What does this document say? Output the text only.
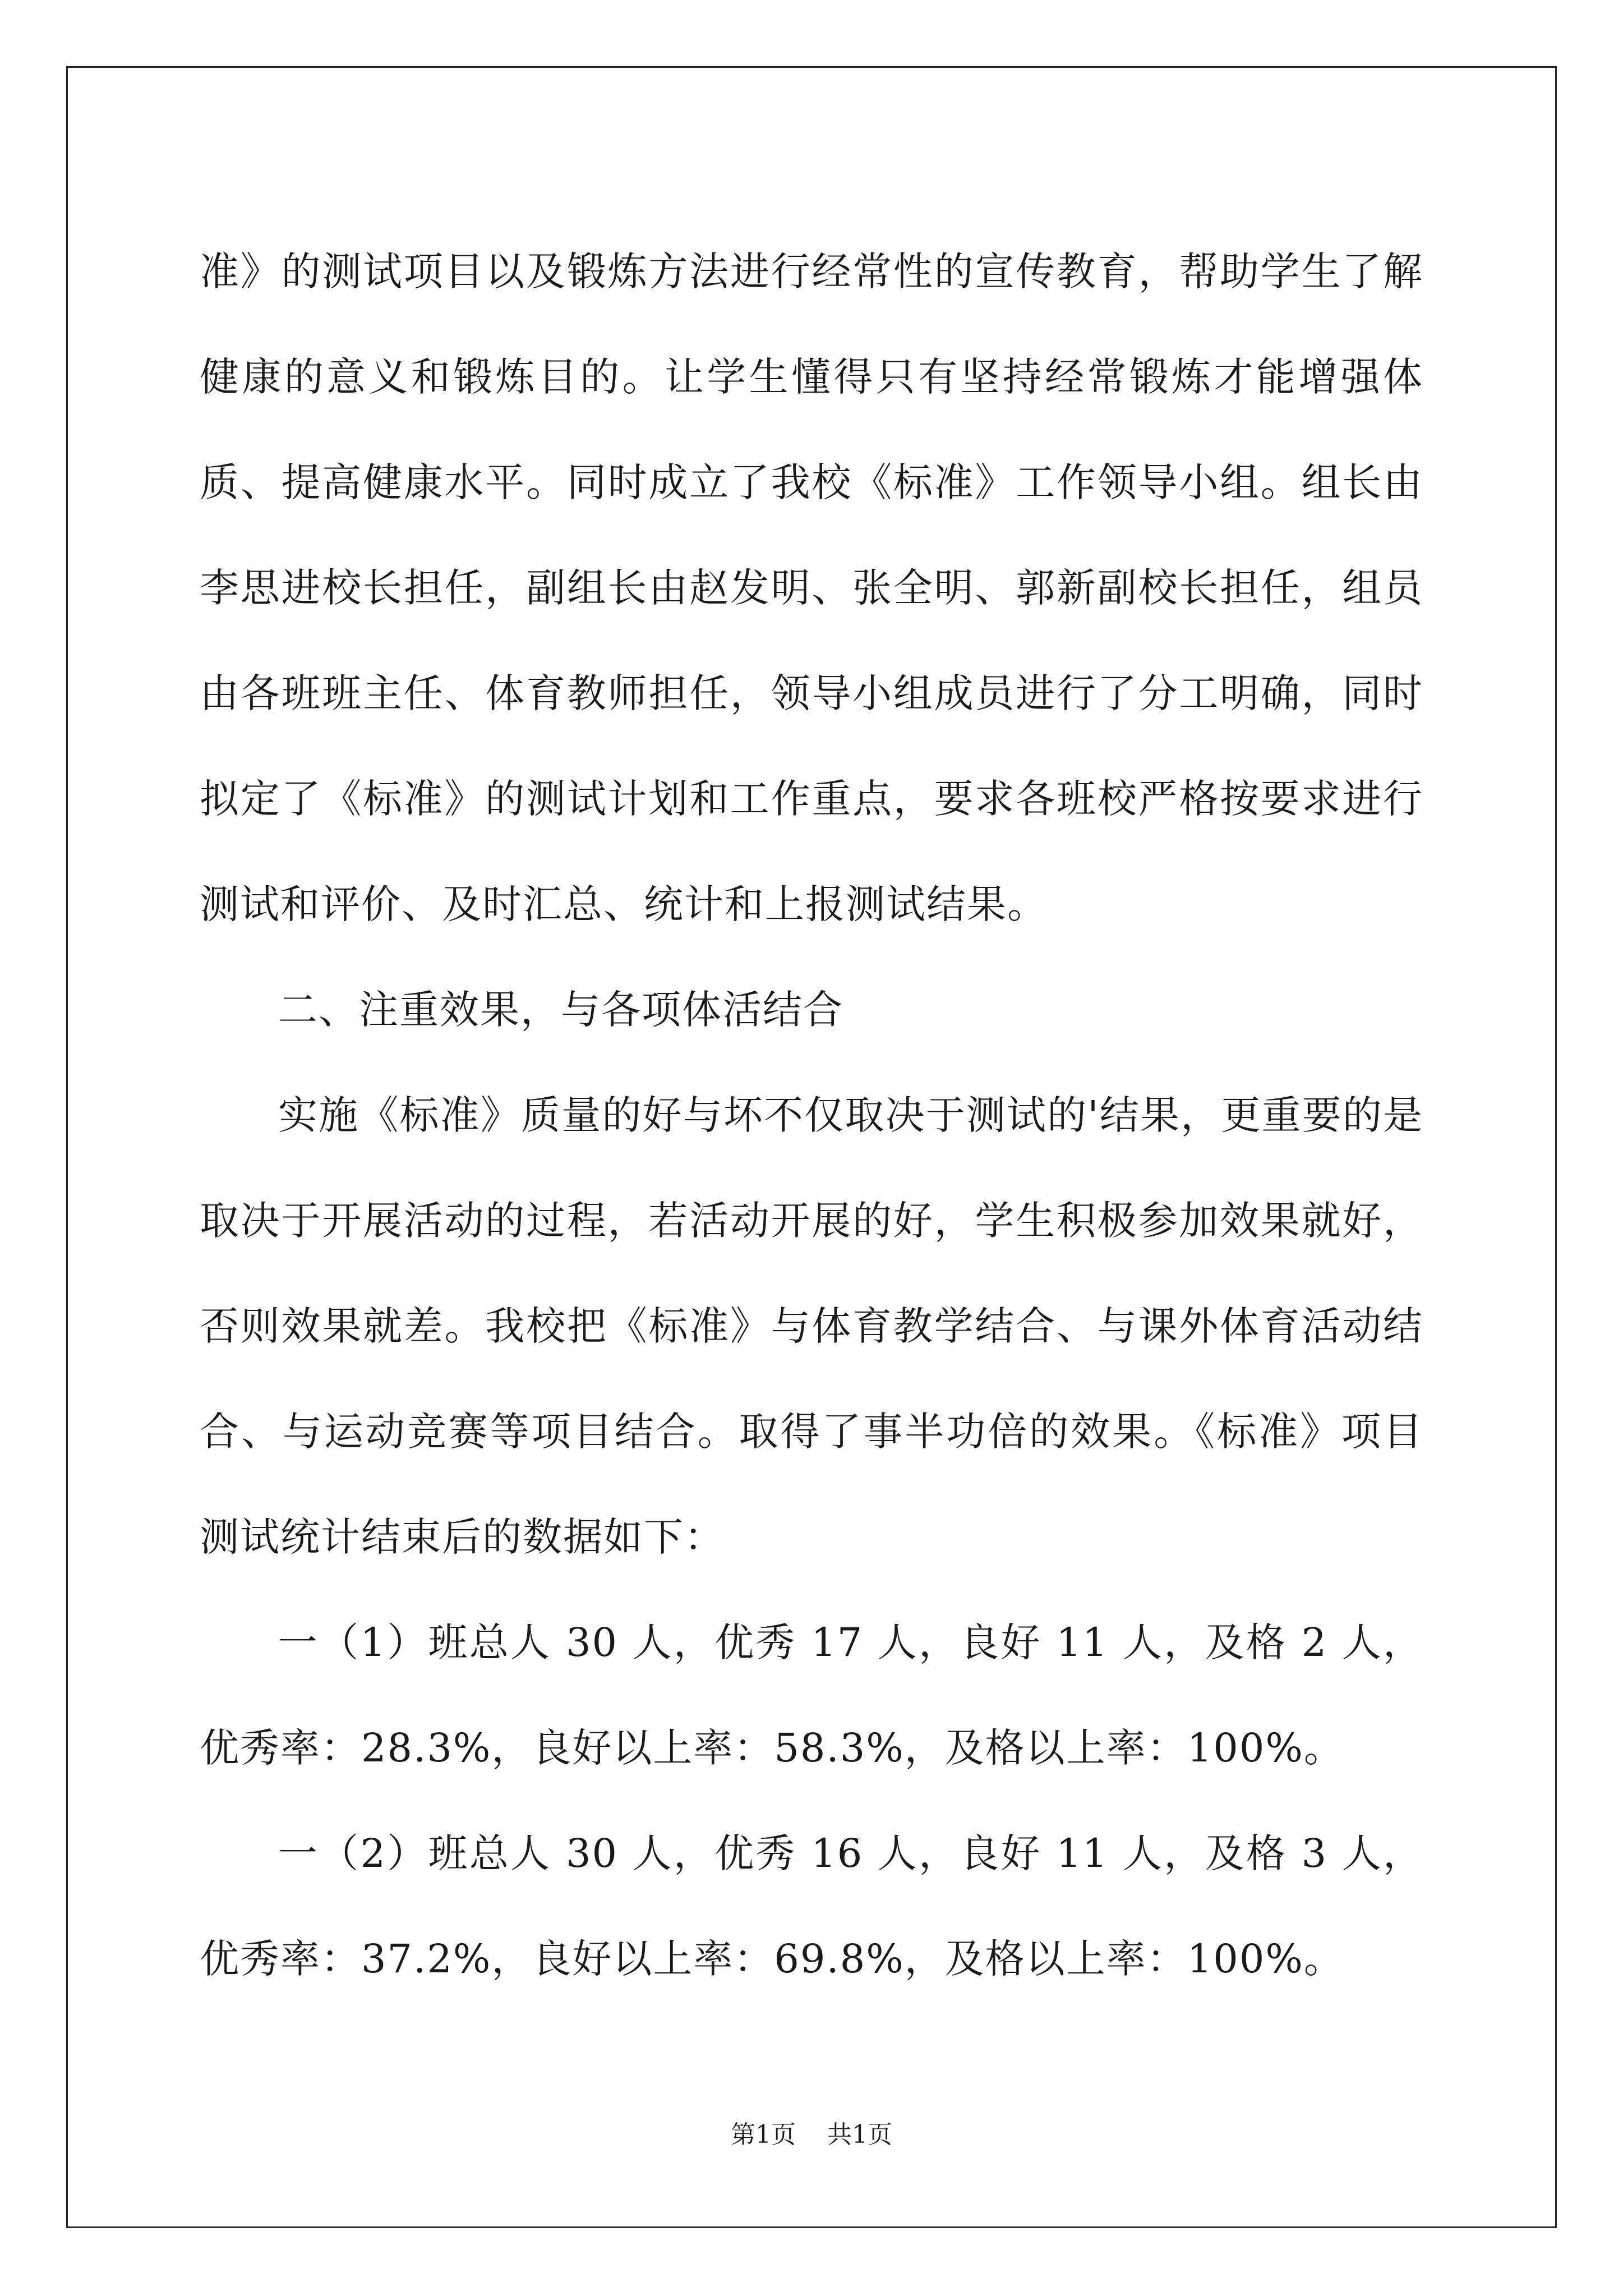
准》的测试项目以及锻炼方法进行经常性的宣传教育，帮助学生了解健康的意义和锻炼目的。让学生懂得只有坚持经常锻炼才能增强体质、提高健康水平。同时成立了我校《标准》工作领导小组。组长由李思进校长担任，副组长由赵发明、张全明、郭新副校长担任，组员由各班班主任、体育教师担任，领导小组成员进行了分工明确，同时拟定了《标准》的测试计划和工作重点，要求各班校严格按要求进行测试和评价、及时汇总、统计和上报测试结果。

二、注重效果，与各项体活结合

实施《标准》质量的好与坏不仅取决于测试的'结果，更重要的是取决于开展活动的过程，若活动开展的好，学生积极参加效果就好，否则效果就差。我校把《标准》与体育教学结合、与课外体育活动结合、与运动竞赛等项目结合。取得了事半功倍的效果。《标准》项目测试统计结束后的数据如下：

一（1）班总人 30 人，优秀 17 人，良好 11 人，及格 2 人，优秀率：28.3%，良好以上率：58.3%，及格以上率：100%。

一（2）班总人 30 人，优秀 16 人，良好 11 人，及格 3 人，优秀率：37.2%，良好以上率：69.8%，及格以上率：100%。

第1页 共1页
